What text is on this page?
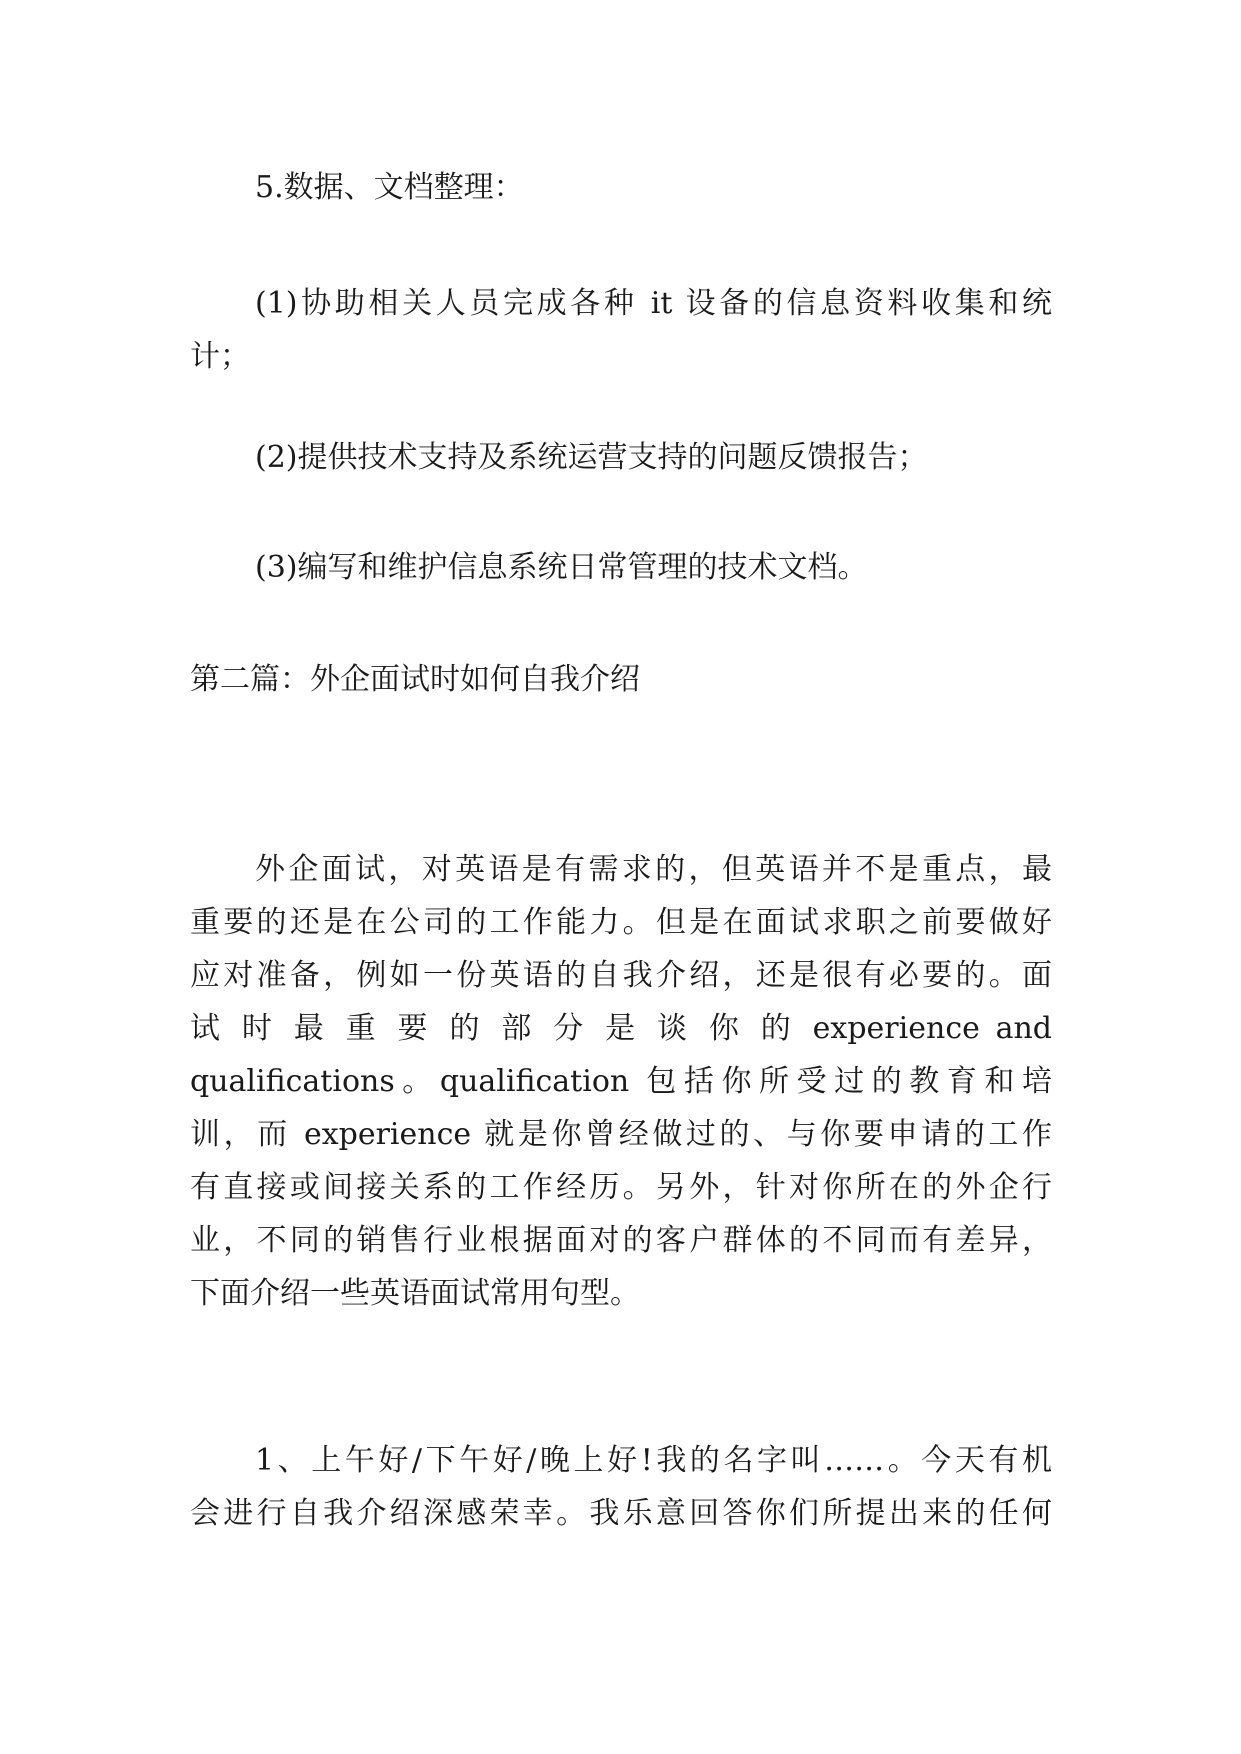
5.数据、文档整理：
(1)协助相关人员完成各种 it 设备的信息资料收集和统
计；
(2)提供技术支持及系统运营支持的问题反馈报告；
(3)编写和维护信息系统日常管理的技术文档。
第二篇：外企面试时如何自我介绍
外企面试，对英语是有需求的，但英语并不是重点，最
重要的还是在公司的工作能力。但是在面试求职之前要做好
应对准备，例如一份英语的自我介绍，还是很有必要的。面
试 时 最 重 要 的 部 分 是 谈 你 的 experience and
qualifications。qualification 包括你所受过的教育和培
训，而 experience 就是你曾经做过的、与你要申请的工作
有直接或间接关系的工作经历。另外，针对你所在的外企行
业，不同的销售行业根据面对的客户群体的不同而有差异，
下面介绍一些英语面试常用句型。
1、上午好/下午好/晚上好!我的名字叫……。今天有机
会进行自我介绍深感荣幸。我乐意回答你们所提出来的任何
